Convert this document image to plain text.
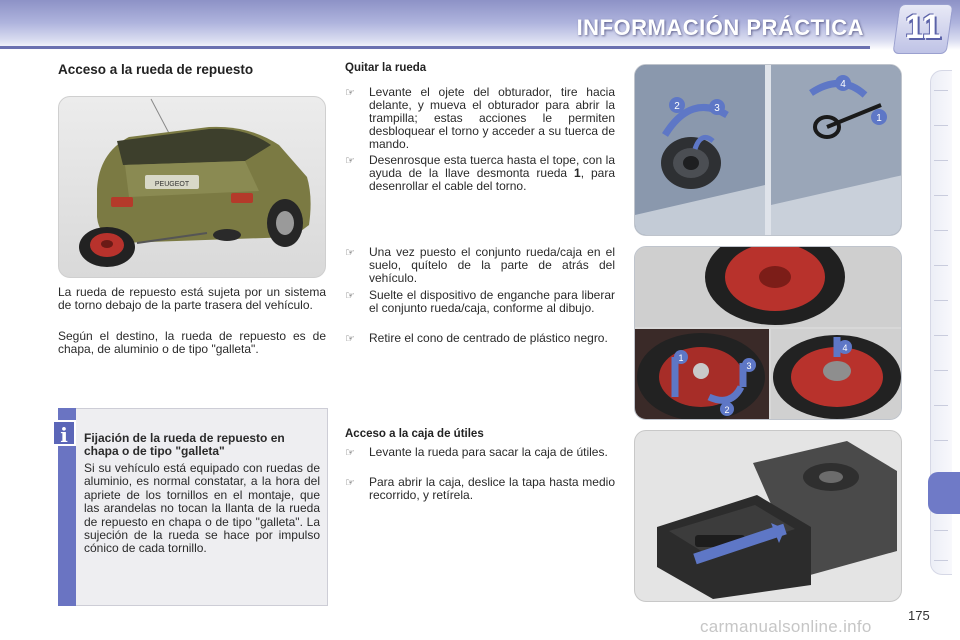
INFORMACIÓN PRÁCTICA 11
Acceso a la rueda de repuesto
PEUGEOT

La rueda de repuesto está sujeta por un sistema de torno debajo de la parte trasera del vehículo.

Según el destino, la rueda de repuesto es de chapa, de aluminio o de tipo "galleta".

i	Fijación de la rueda de repuesto en chapa o de tipo "galleta"
Si su vehículo está equipado con ruedas de aluminio, es normal constatar, a la hora del apriete de los tornillos en el montaje, que las arandelas no tocan la llanta de la rueda de repuesto en chapa o de tipo "galleta". La sujeción de la rueda se hace por impulso cónico de cada tornillo.
Quitar la rueda
☞	Levante el ojete del obturador, tire hacia delante, y mueva el obturador para abrir la trampilla; estas acciones le permiten desbloquear el torno y acceder a su tuerca de mando.
☞	Desenrosque esta tuerca hasta el tope, con la ayuda de la llave desmonta rueda 1, para desenrollar el cable del torno.
☞	Una vez puesto el conjunto rueda/caja en el suelo, quítelo de la parte de atrás del vehículo.
☞	Suelte el dispositivo de enganche para liberar el conjunto rueda/caja, conforme al dibujo.
☞	Retire el cono de centrado de plástico negro.
Acceso a la caja de útiles
☞	Levante la rueda para sacar la caja de útiles.
☞	Para abrir la caja, deslice la tapa hasta medio recorrido, y retírela.
2	3
4
1
1
2
3
4
175
carmanualsonline.info
